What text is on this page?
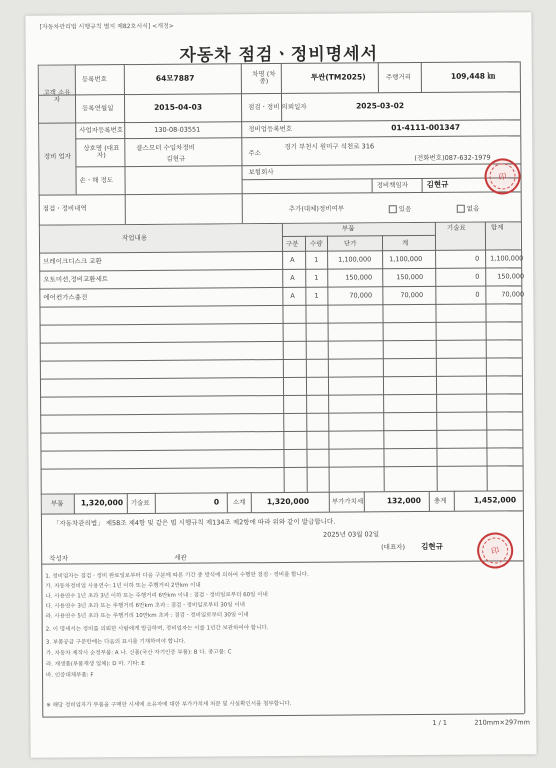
[자동차관리법 시행규칙 별지 제82호서식] <개정>
자동차 점검ㆍ정비명세서
고객 소유자
등록번호	64모7887	차명 (차종)	투싼(TM2025)	주행거리	109,448 ㎞
등록연월일	2015-04-03	점검ㆍ정비 의뢰일자	2025-03-02
정비 업자
사업자등록번호	130-08-03551	정비업등록번호	01-4111-001347
상호명 (대표자)
클스모터 수입차정비
김현규
주소
경기 부천시 원미구 석천로 316
(전화번호)087-632-1979
손ㆍ해 정도
보험회사
정비책임자 김현규
점검ㆍ정비내역	추가(대체)정비여부	있음	없음
작업내용
부품	기술료	합계
구분 수량	단가	계
브레이크디스크 교환	A	1	1,100,000	1,100,000	0 1,100,000
오토미션,정비교환세트	A	1	150,000	150,000	0	150,000
에어컨가스충전	A	1	70,000	70,000	0	70,000
부품 1,320,000 기술료	0 소계	1,320,000	부가가치세	132,000 총계	1,452,000
「자동차관리법」 제58조 제4항 및 같은 법 시행규칙 제134조 제2항에 따라 위와 같이 발급합니다.
2025년 03월 02일
(대표자) 김현규
작성자	세관
1. 정비업자는 점검ㆍ정비 완료일로부터 다음 구분에 따른 기간 중 방식에 의하여 수행한 점검ㆍ정비를 합니다.
가. 자동차정비업 사용연수: 1년 이하 또는 주행거리 2만km 이내
나. 사용연수 1년 초과 3년 이하 또는 주행거리 6만km 이내 : 점검ㆍ정비일로부터 60일 이내
다. 사용연수 3년 초과 또는 주행거리 6만km 초과 : 점검ㆍ정비일로부터 30일 이내
라. 사용연수 5년 초과 또는 주행거리 10만km 초과 : 점검ㆍ정비일로부터 30일 이내
2. 이 명세서는 정비를 의뢰한 사람에게 발급하며, 정비업자는 이를 1년간 보관하여야 합니다.
3. 부품공급 구분란에는 다음의 표시를 기재하여야 합니다.
가. 자동차 제작사 순정부품: A 나. 신품(국산 자기인증 부품): B 다. 중고품: C
라. 재생품(부품재생 업체): D 마. 기타: E
바. 인증대체부품: F
※ 해당 정비업자가 부품을 구매한 시세에 소유자에 대한 부가가치세 처분 및 사실확인서를 첨부합니다.
1 / 1	210mm×297mm
印
印
